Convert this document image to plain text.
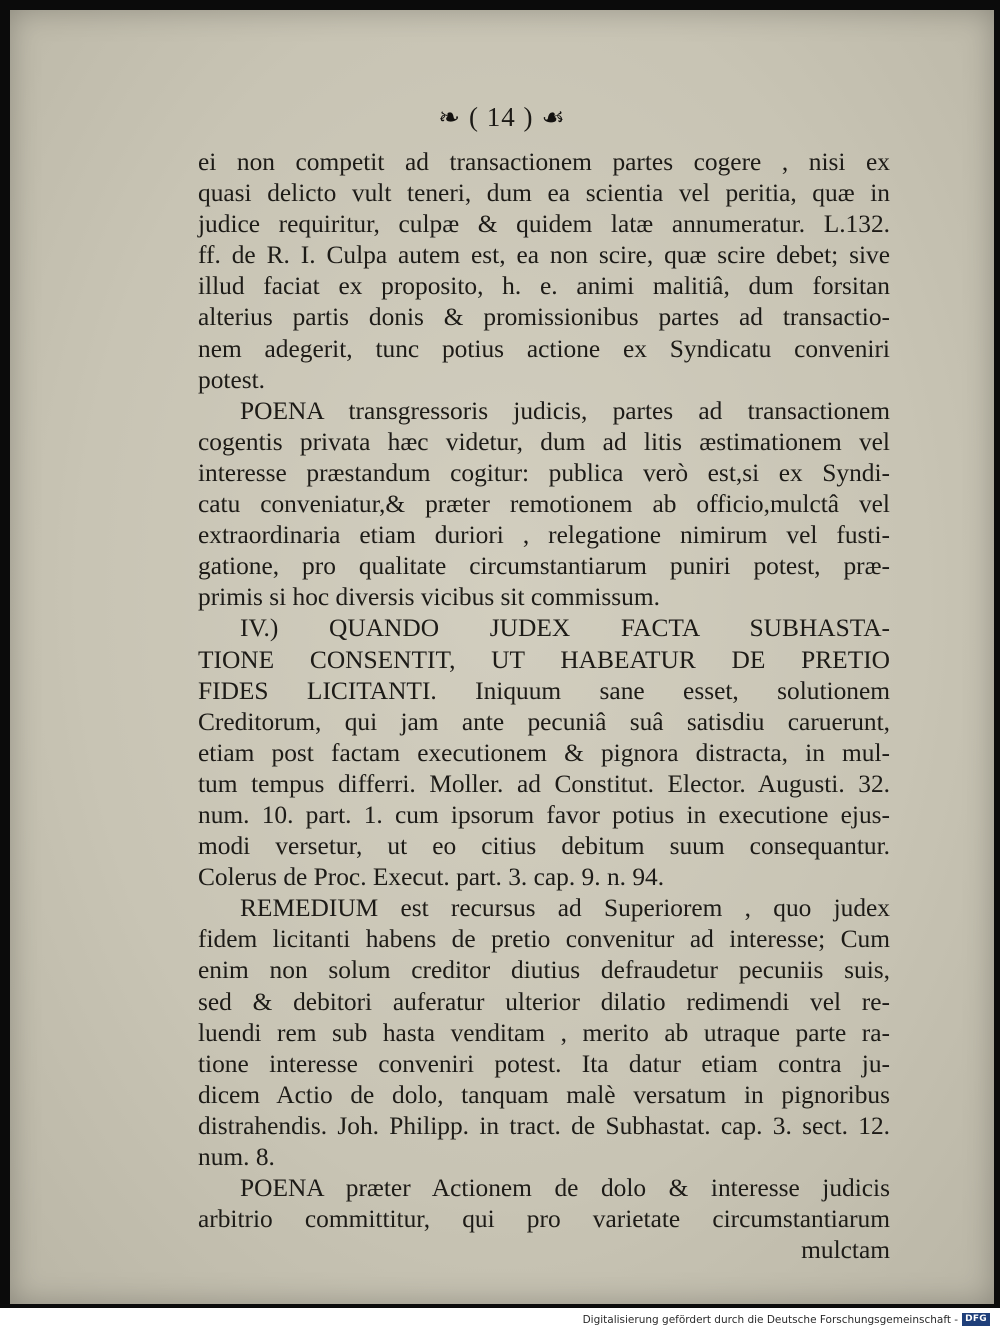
❧ ( 14 ) ☙
ei non competit ad transactionem partes cogere , nisi ex
quasi delicto vult teneri, dum ea scientia vel peritia, quæ in
judice requiritur, culpæ & quidem latæ annumeratur. L.132.
ff. de R. I. Culpa autem est, ea non scire, quæ scire debet; sive
illud faciat ex proposito, h. e. animi malitiâ, dum forsitan
alterius partis donis & promissionibus partes ad transactio-
nem adegerit, tunc potius actione ex Syndicatu conveniri
potest.
POENA transgressoris judicis, partes ad transactionem
cogentis privata hæc videtur, dum ad litis æstimationem vel
interesse præstandum cogitur: publica verò est,si ex Syndi-
catu conveniatur,& præter remotionem ab officio,mulctâ vel
extraordinaria etiam duriori , relegatione nimirum vel fusti-
gatione, pro qualitate circumstantiarum puniri potest, præ-
primis si hoc diversis vicibus sit commissum.
IV.) QUANDO JUDEX FACTA SUBHASTA-
TIONE CONSENTIT, UT HABEATUR DE PRETIO
FIDES LICITANTI. Iniquum sane esset, solutionem
Creditorum, qui jam ante pecuniâ suâ satisdiu caruerunt,
etiam post factam executionem & pignora distracta, in mul-
tum tempus differri. Moller. ad Constitut. Elector. Augusti. 32.
num. 10. part. 1. cum ipsorum favor potius in executione ejus-
modi versetur, ut eo citius debitum suum consequantur.
Colerus de Proc. Execut. part. 3. cap. 9. n. 94.
REMEDIUM est recursus ad Superiorem , quo judex
fidem licitanti habens de pretio convenitur ad interesse; Cum
enim non solum creditor diutius defraudetur pecuniis suis,
sed & debitori auferatur ulterior dilatio redimendi vel re-
luendi rem sub hasta venditam , merito ab utraque parte ra-
tione interesse conveniri potest. Ita datur etiam contra ju-
dicem Actio de dolo, tanquam malè versatum in pignoribus
distrahendis. Joh. Philipp. in tract. de Subhastat. cap. 3. sect. 12.
num. 8.
POENA præter Actionem de dolo & interesse judicis
arbitrio committitur, qui pro varietate circumstantiarum
mulctam
Digitalisierung gefördert durch die Deutsche Forschungsgemeinschaft - DFG
